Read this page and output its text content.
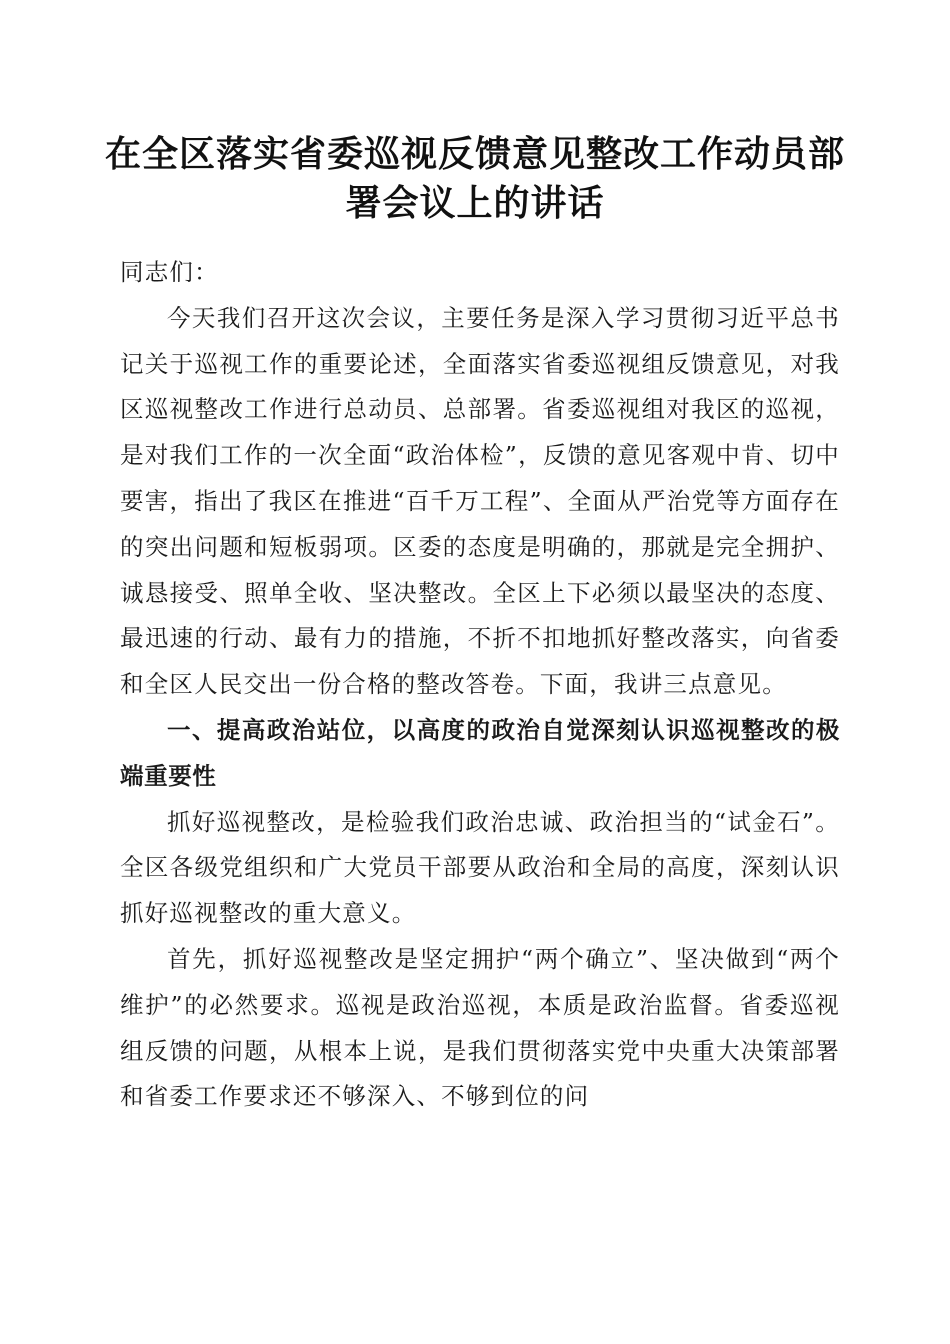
在全区落实省委巡视反馈意见整改工作动员部
署会议上的讲话

同志们：

今天我们召开这次会议，主要任务是深入学习贯彻习近平总书记关于巡视工作的重要论述，全面落实省委巡视组反馈意见，对我区巡视整改工作进行总动员、总部署。省委巡视组对我区的巡视，是对我们工作的一次全面“政治体检”，反馈的意见客观中肯、切中要害，指出了我区在推进“百千万工程”、全面从严治党等方面存在的突出问题和短板弱项。区委的态度是明确的，那就是完全拥护、诚恳接受、照单全收、坚决整改。全区上下必须以最坚决的态度、最迅速的行动、最有力的措施，不折不扣地抓好整改落实，向省委和全区人民交出一份合格的整改答卷。下面，我讲三点意见。

一、提高政治站位，以高度的政治自觉深刻认识巡视整改的极端重要性

抓好巡视整改，是检验我们政治忠诚、政治担当的“试金石”。全区各级党组织和广大党员干部要从政治和全局的高度，深刻认识抓好巡视整改的重大意义。

首先，抓好巡视整改是坚定拥护“两个确立”、坚决做到“两个维护”的必然要求。巡视是政治巡视，本质是政治监督。省委巡视组反馈的问题，从根本上说，是我们贯彻落实党中央重大决策部署和省委工作要求还不够深入、不够到位的问
